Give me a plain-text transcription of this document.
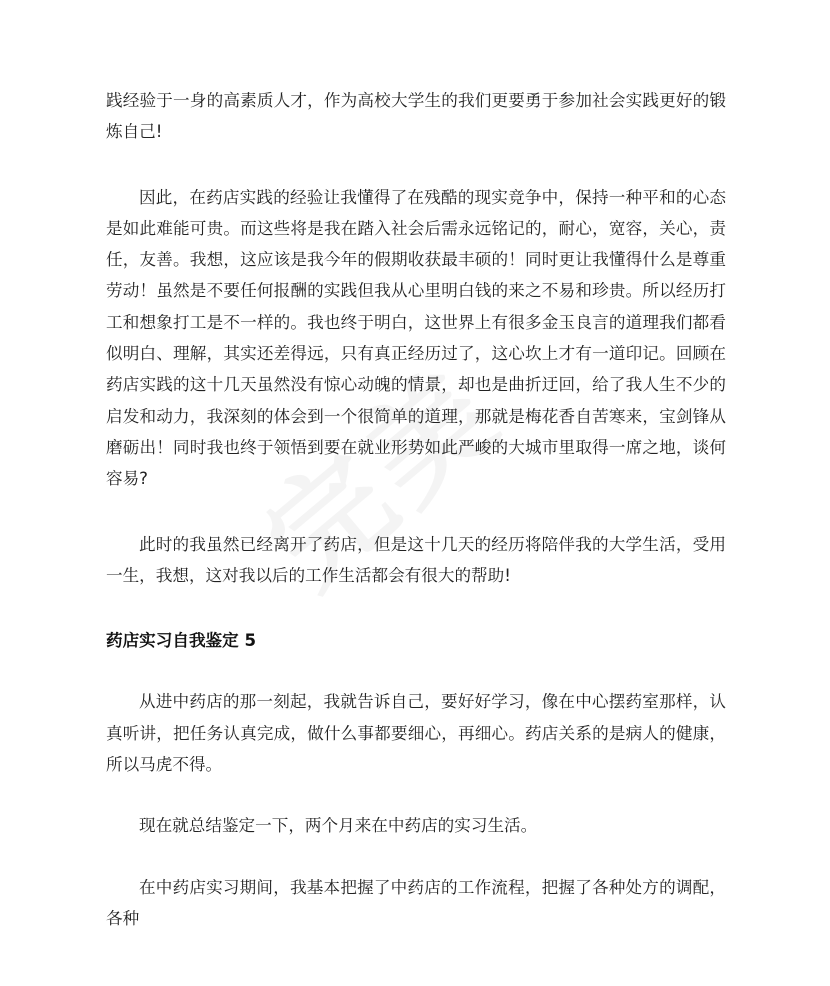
践经验于一身的高素质人才，作为高校大学生的我们更要勇于参加社会实践更好的锻炼自己!

因此，在药店实践的经验让我懂得了在残酷的现实竞争中，保持一种平和的心态是如此难能可贵。而这些将是我在踏入社会后需永远铭记的，耐心，宽容，关心，责任，友善。我想，这应该是我今年的假期收获最丰硕的！同时更让我懂得什么是尊重劳动！虽然是不要任何报酬的实践但我从心里明白钱的来之不易和珍贵。所以经历打工和想象打工是不一样的。我也终于明白，这世界上有很多金玉良言的道理我们都看似明白、理解，其实还差得远，只有真正经历过了，这心坎上才有一道印记。回顾在药店实践的这十几天虽然没有惊心动魄的情景，却也是曲折迂回，给了我人生不少的启发和动力，我深刻的体会到一个很简单的道理，那就是梅花香自苦寒来，宝剑锋从磨砺出！同时我也终于领悟到要在就业形势如此严峻的大城市里取得一席之地，谈何容易?

此时的我虽然已经离开了药店，但是这十几天的经历将陪伴我的大学生活，受用一生，我想，这对我以后的工作生活都会有很大的帮助!

药店实习自我鉴定 5

从进中药店的那一刻起，我就告诉自己，要好好学习，像在中心摆药室那样，认真听讲，把任务认真完成，做什么事都要细心，再细心。药店关系的是病人的健康，所以马虎不得。

现在就总结鉴定一下，两个月来在中药店的实习生活。

在中药店实习期间，我基本把握了中药店的工作流程，把握了各种处方的调配，各种
